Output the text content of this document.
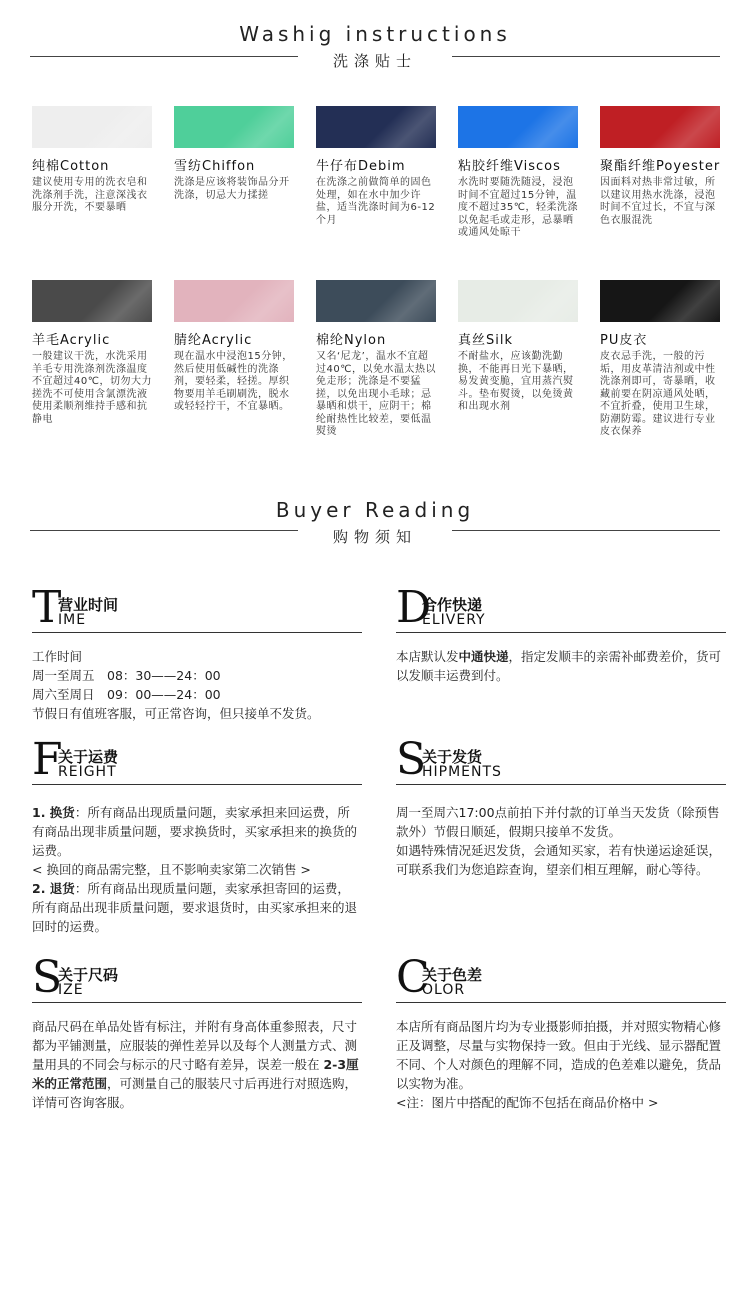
Washig instructions
洗涤贴士
纯棉Cotton
建议使用专用的洗衣皂和洗涤剂手洗，注意深浅衣服分开洗，不要暴晒
雪纺Chiffon
洗涤是应该将装饰品分开洗涤，切忌大力揉搓
牛仔布Debim
在洗涤之前做简单的固色处理，如在水中加少许盐，适当洗涤时间为6-12个月
粘胶纤维Viscos
水洗时要随洗随浸，浸泡时间不宜超过15分钟，温度不超过35℃，轻柔洗涤以免起毛或走形，忌暴晒或通风处晾干
聚酯纤维Poyester
因面料对热非常过敏，所以建议用热水洗涤，浸泡时间不宜过长，不宜与深色衣服混洗
羊毛Acrylic
一般建议干洗，水洗采用羊毛专用洗涤剂洗涤温度不宜超过40℃，切勿大力搓洗不可使用含氯漂洗液使用柔顺剂维持手感和抗静电
腈纶Acrylic
现在温水中浸泡15分钟，然后使用低碱性的洗涤剂，要轻柔，轻搓。厚织物要用羊毛刷刷洗，脱水或轻轻拧干，不宜暴晒。
棉纶Nylon
又名‘尼龙’，温水不宜超过40℃，以免水温太热以免走形；洗涤是不要猛搓，以免出现小毛球；忌暴晒和烘干，应阴干；棉纶耐热性比较差，要低温熨烫
真丝Silk
不耐盐水，应该勤洗勤换，不能再日光下暴晒，易发黄变脆，宜用蒸汽熨斗。垫布熨烫，以免烫黄和出现水剂
PU皮衣
皮衣忌手洗，一般的污垢，用皮革清洁剂或中性洗涤剂即可，寄暴晒，收藏前要在阴凉通风处晒，不宜折叠，使用卫生球，防潮防霉。建议进行专业皮衣保养
Buyer Reading
购物须知
T
营业时间
IME
工作时间
周一至周五　08：30——24：00
周六至周日　09：00——24：00
节假日有值班客服，可正常咨询，但只接单不发货。
D
合作快递
ELIVERY
本店默认发中通快递，指定发顺丰的亲需补邮费差价，货可以发顺丰运费到付。
F
关于运费
REIGHT
1. 换货：所有商品出现质量问题，卖家承担来回运费，所有商品出现非质量问题，要求换货时，买家承担来的换货的运费。
< 换回的商品需完整，且不影响卖家第二次销售 >
2. 退货：所有商品出现质量问题，卖家承担寄回的运费，所有商品出现非质量问题，要求退货时，由买家承担来的退回时的运费。
S
关于发货
HIPMENTS
周一至周六17:00点前拍下并付款的订单当天发货（除预售款外）节假日顺延，假期只接单不发货。
如遇特殊情况延迟发货，会通知买家，若有快递运途延误，可联系我们为您追踪查询，望亲们相互理解，耐心等待。
S
关于尺码
IZE
商品尺码在单品处皆有标注，并附有身高体重参照表，尺寸都为平铺测量，应服装的弹性差异以及每个人测量方式、测量用具的不同会与标示的尺寸略有差异，误差一般在 2-3厘米的正常范围，可测量自己的服装尺寸后再进行对照选购，详情可咨询客服。
C
关于色差
OLOR
本店所有商品图片均为专业摄影师拍摄，并对照实物精心修正及调整，尽量与实物保持一致。但由于光线、显示器配置不同、个人对颜色的理解不同，造成的色差难以避免，货品以实物为准。
<注：图片中搭配的配饰不包括在商品价格中 >
